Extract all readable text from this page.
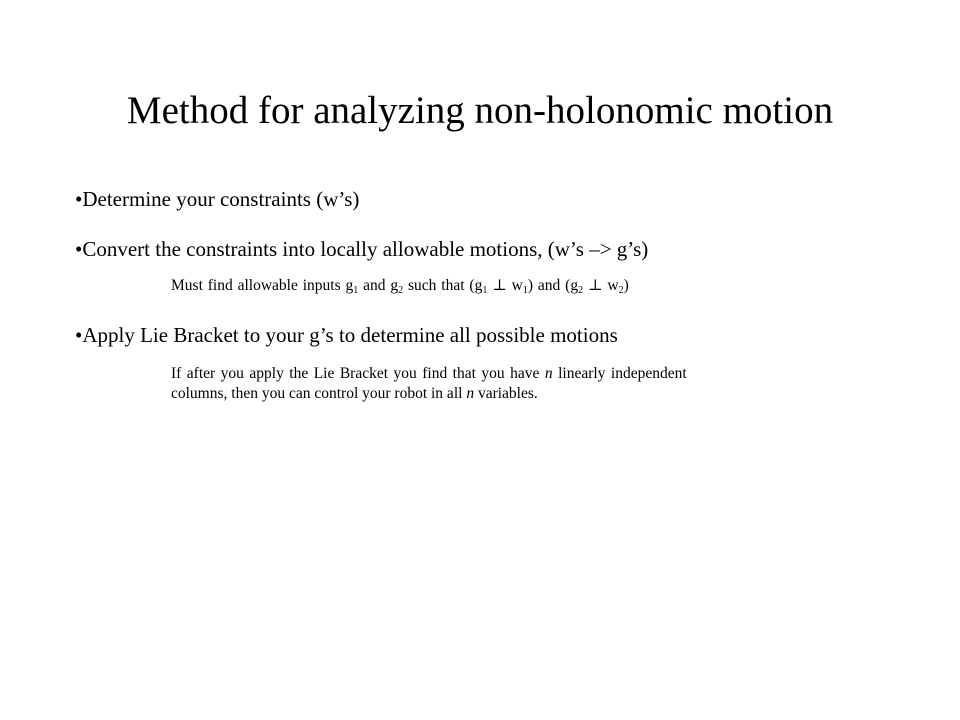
Method for analyzing non-holonomic motion
•Determine your constraints (w’s)
•Convert the constraints into locally allowable motions, (w’s –> g’s)
Must find allowable inputs $g_1$ and $g_2$ such that ($g_1$ ⊥ $w_1$) and ($g_2$ ⊥ $w_2$)
•Apply Lie Bracket to your g’s to determine all possible motions
If after you apply the Lie Bracket you find that you have n linearly independent
columns, then you can control your robot in all n variables.
